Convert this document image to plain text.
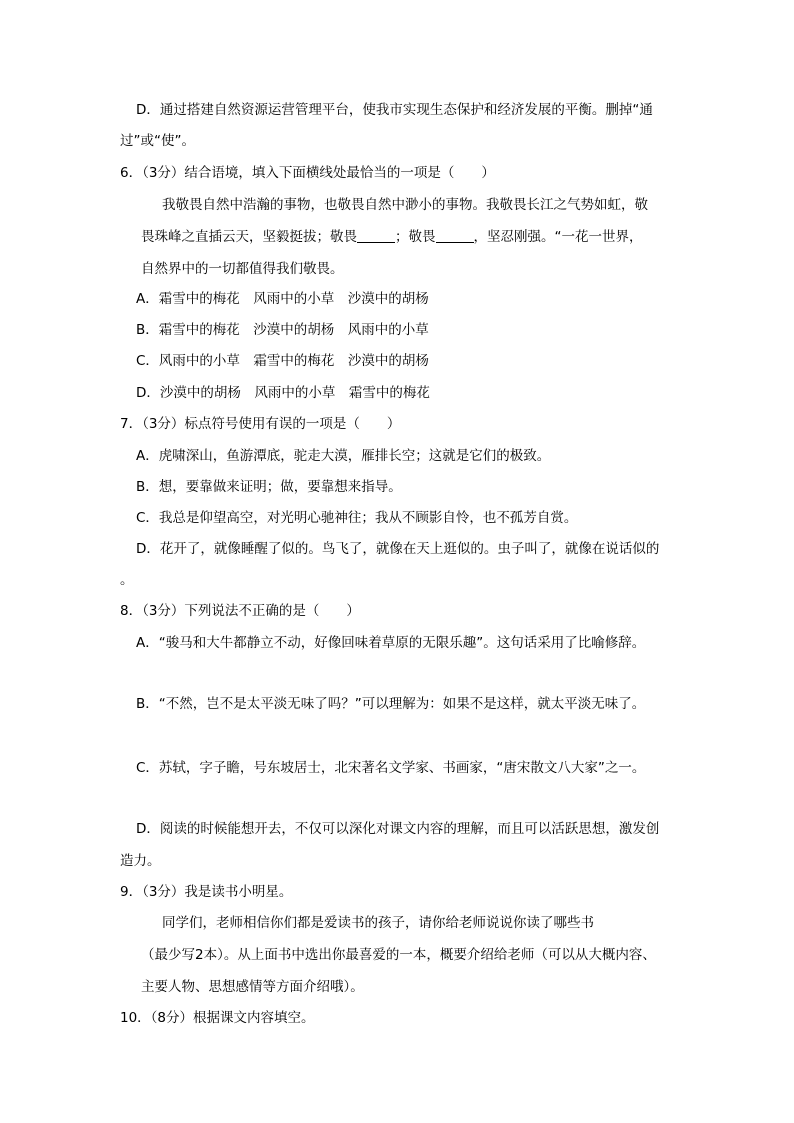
D．通过搭建自然资源运营管理平台，使我市实现生态保护和经济发展的平衡。删掉“通
过”或“使”。
6．（3分）结合语境，填入下面横线处最恰当的一项是（　　）
我敬畏自然中浩瀚的事物，也敬畏自然中渺小的事物。我敬畏长江之气势如虹，敬
畏珠峰之直插云天，坚毅挺拔；敬畏	；敬畏	，坚忍刚强。“一花一世界，
自然界中的一切都值得我们敬畏。
A．霜雪中的梅花　风雨中的小草　沙漠中的胡杨
B．霜雪中的梅花　沙漠中的胡杨　风雨中的小草
C．风雨中的小草　霜雪中的梅花　沙漠中的胡杨
D．沙漠中的胡杨　风雨中的小草　霜雪中的梅花
7．（3分）标点符号使用有误的一项是（　　）
A．虎啸深山，鱼游潭底，驼走大漠，雁排长空；这就是它们的极致。
B．想，要靠做来证明；做，要靠想来指导。
C．我总是仰望高空，对光明心驰神往；我从不顾影自怜，也不孤芳自赏。
D．花开了，就像睡醒了似的。鸟飞了，就像在天上逛似的。虫子叫了，就像在说话似的
。
8．（3分）下列说法不正确的是（　　）
A．“骏马和大牛都静立不动，好像回味着草原的无限乐趣”。这句话采用了比喻修辞。
B．“不然，岂不是太平淡无味了吗？”可以理解为：如果不是这样，就太平淡无味了。
C．苏轼，字子瞻，号东坡居士，北宋著名文学家、书画家，“唐宋散文八大家”之一。
D．阅读的时候能想开去，不仅可以深化对课文内容的理解，而且可以活跃思想，激发创
造力。
9．（3分）我是读书小明星。
同学们，老师相信你们都是爱读书的孩子，请你给老师说说你读了哪些书
（最少写2本）。从上面书中选出你最喜爱的一本，概要介绍给老师（可以从大概内容、
主要人物、思想感情等方面介绍哦）。
10．（8分）根据课文内容填空。
